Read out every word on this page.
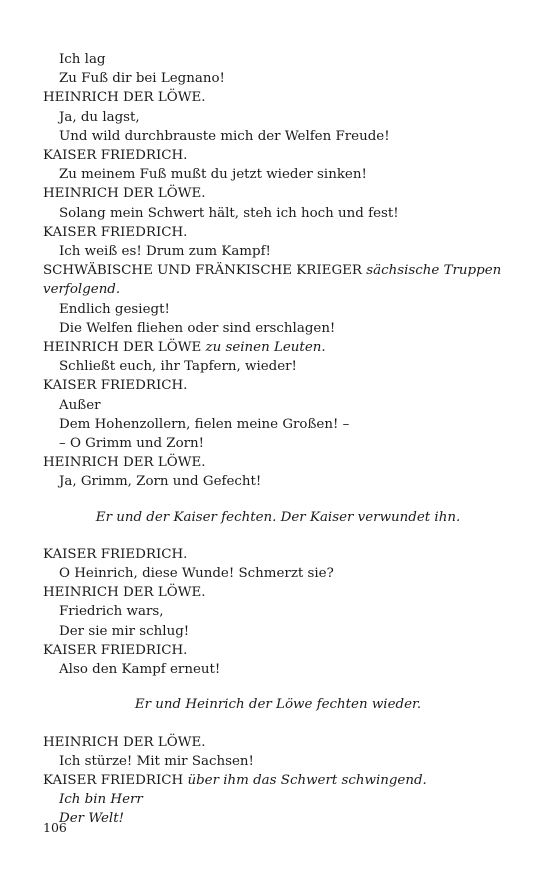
Ich lag
Zu Fuß dir bei Legnano!
HEINRICH DER LÖWE.
Ja, du lagst,
Und wild durchbrauste mich der Welfen Freude!
KAISER FRIEDRICH.
Zu meinem Fuß mußt du jetzt wieder sinken!
HEINRICH DER LÖWE.
Solang mein Schwert hält, steh ich hoch und fest!
KAISER FRIEDRICH.
Ich weiß es! Drum zum Kampf!
SCHWÄBISCHE UND FRÄNKISCHE KRIEGER sächsische Truppen
verfolgend.
Endlich gesiegt!
Die Welfen fliehen oder sind erschlagen!
HEINRICH DER LÖWE zu seinen Leuten.
Schließt euch, ihr Tapfern, wieder!
KAISER FRIEDRICH.
Außer
Dem Hohenzollern, fielen meine Großen! –
– O Grimm und Zorn!
HEINRICH DER LÖWE.
Ja, Grimm, Zorn und Gefecht!
Er und der Kaiser fechten. Der Kaiser verwundet ihn.
KAISER FRIEDRICH.
O Heinrich, diese Wunde! Schmerzt sie?
HEINRICH DER LÖWE.
Friedrich wars,
Der sie mir schlug!
KAISER FRIEDRICH.
Also den Kampf erneut!
Er und Heinrich der Löwe fechten wieder.
HEINRICH DER LÖWE.
Ich stürze! Mit mir Sachsen!
KAISER FRIEDRICH über ihm das Schwert schwingend.
Ich bin Herr
Der Welt!
106
